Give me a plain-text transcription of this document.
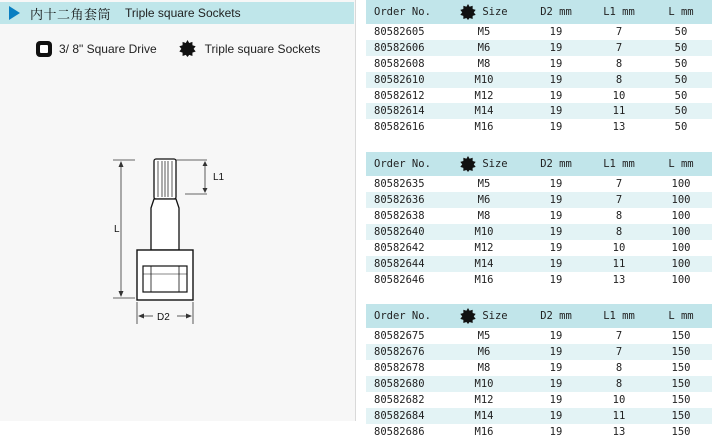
内十二角套筒 Triple square Sockets
3/ 8" Square Drive	Triple square Sockets
L
L1
D2
Order No.	Size	D2 mm	L1 mm	L mm
80582605	M5	19	7	50
80582606	M6	19	7	50
80582608	M8	19	8	50
80582610	M10	19	8	50
80582612	M12	19	10	50
80582614	M14	19	11	50
80582616	M16	19	13	50
Order No.	Size	D2 mm	L1 mm	L mm
80582635	M5	19	7	100
80582636	M6	19	7	100
80582638	M8	19	8	100
80582640	M10	19	8	100
80582642	M12	19	10	100
80582644	M14	19	11	100
80582646	M16	19	13	100
Order No.	Size	D2 mm	L1 mm	L mm
80582675	M5	19	7	150
80582676	M6	19	7	150
80582678	M8	19	8	150
80582680	M10	19	8	150
80582682	M12	19	10	150
80582684	M14	19	11	150
80582686	M16	19	13	150
